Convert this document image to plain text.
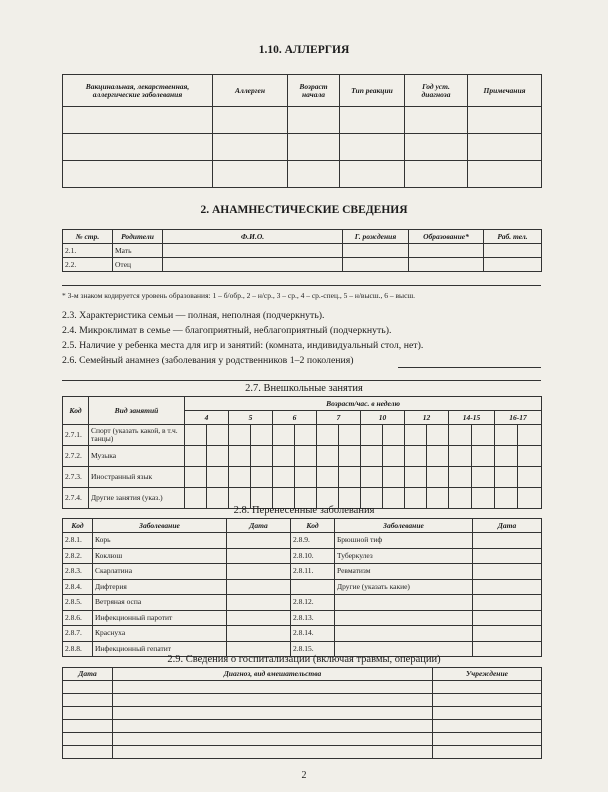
1.10. АЛЛЕРГИЯ
Вакцинальная, лекарственная, аллергические заболевания	Аллерген	Возраст начала	Тип реакции	Год уст. диагноза	Примечания

2. АНАМНЕСТИЧЕСКИЕ СВЕДЕНИЯ
№ стр.	Родители	Ф.И.О.	Г. рождения	Образование*	Раб. тел.
2.1.	Мать				
2.2.	Отец				
* 3-м знаком кодируется уровень образования: 1 – б/обр., 2 – н/ср., 3 – ср., 4 – ср.-спец., 5 – н/высш., 6 – высш.
2.3. Характеристика семьи — полная, неполная (подчеркнуть).
2.4. Микроклимат в семье — благоприятный, неблагоприятный (подчеркнуть).
2.5. Наличие у ребенка места для игр и занятий: (комната, индивидуальный стол, нет).
2.6. Семейный анамнез (заболевания у родственников 1–2 поколения)
2.7. Внешкольные занятия
Код	Вид занятий	Возраст/час. в неделю															
		4		5		6		7		10		12		14-15		16-17	
2.7.1.	Спорт (указать какой, в т.ч. танцы)																
2.7.2.	Музыка																
2.7.3.	Иностранный язык																
2.7.4.	Другие занятия (указ.)																
2.8. Перенесенные заболевания
Код	Заболевание	Дата	Код	Заболевание	Дата
2.8.1.	Корь		2.8.9.	Брюшной тиф	
2.8.2.	Коклюш		2.8.10.	Туберкулез	
2.8.3.	Скарлатина		2.8.11.	Ревматизм	
2.8.4.	Дифтерия			Другие (указать какие)	
2.8.5.	Ветряная оспа		2.8.12.		
2.8.6.	Инфекционный паротит		2.8.13.		
2.8.7.	Краснуха		2.8.14.		
2.8.8.	Инфекционный гепатит		2.8.15.		
2.9. Сведения о госпитализации (включая травмы, операции)
Дата	Диагноз, вид вмешательства	Учреждение

2
